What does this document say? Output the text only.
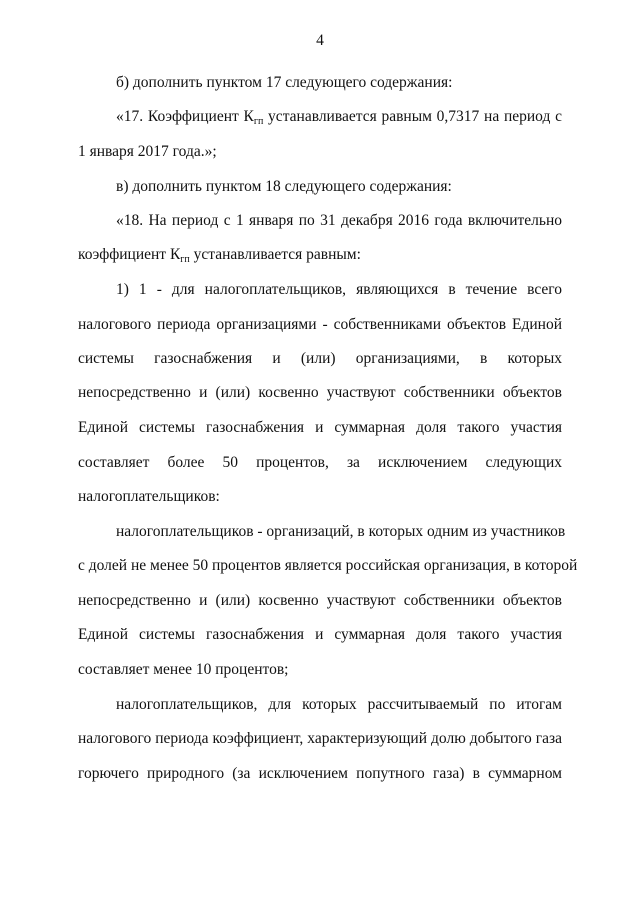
4
б) дополнить пунктом 17 следующего содержания:
«17. Коэффициент Кгп устанавливается равным 0,7317 на период с
1 января 2017 года.»;
в) дополнить пунктом 18 следующего содержания:
«18. На период с 1 января по 31 декабря 2016 года включительно
коэффициент Кгп устанавливается равным:
1) 1 - для налогоплательщиков, являющихся в течение всего
налогового периода организациями - собственниками объектов Единой
системы газоснабжения и (или) организациями, в которых
непосредственно и (или) косвенно участвуют собственники объектов
Единой системы газоснабжения и суммарная доля такого участия
составляет более 50 процентов, за исключением следующих
налогоплательщиков:
налогоплательщиков - организаций, в которых одним из участников
с долей не менее 50 процентов является российская организация, в которой
непосредственно и (или) косвенно участвуют собственники объектов
Единой системы газоснабжения и суммарная доля такого участия
составляет менее 10 процентов;
налогоплательщиков, для которых рассчитываемый по итогам
налогового периода коэффициент, характеризующий долю добытого газа
горючего природного (за исключением попутного газа) в суммарном
